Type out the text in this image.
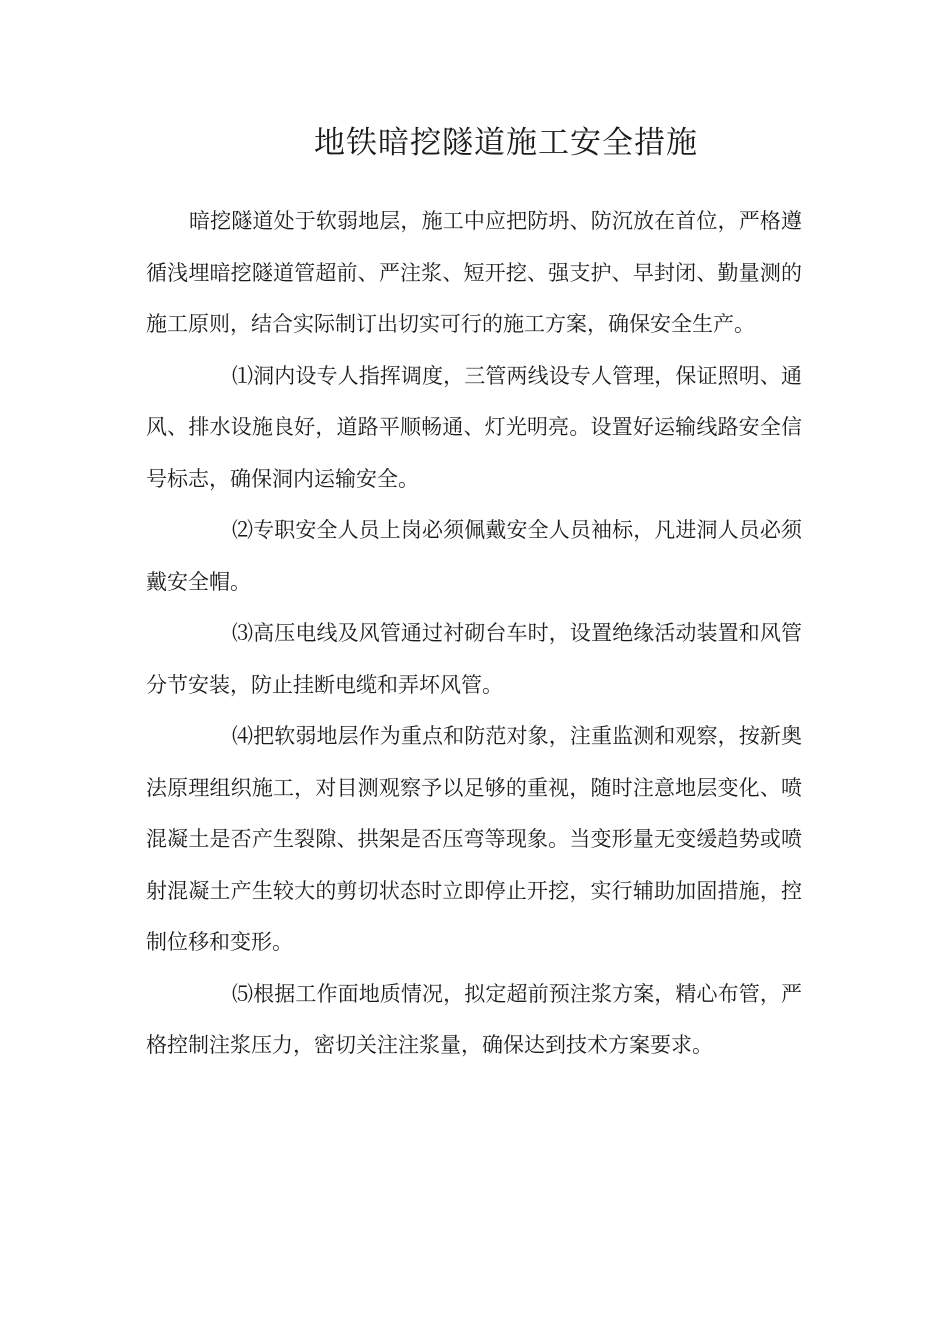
地铁暗挖隧道施工安全措施

暗挖隧道处于软弱地层，施工中应把防坍、防沉放在首位，严格遵循浅埋暗挖隧道管超前、严注浆、短开挖、强支护、早封闭、勤量测的施工原则，结合实际制订出切实可行的施工方案，确保安全生产。

⑴洞内设专人指挥调度，三管两线设专人管理，保证照明、通风、排水设施良好，道路平顺畅通、灯光明亮。设置好运输线路安全信号标志，确保洞内运输安全。

⑵专职安全人员上岗必须佩戴安全人员袖标，凡进洞人员必须戴安全帽。

⑶高压电线及风管通过衬砌台车时，设置绝缘活动装置和风管分节安装，防止挂断电缆和弄坏风管。

⑷把软弱地层作为重点和防范对象，注重监测和观察，按新奥法原理组织施工，对目测观察予以足够的重视，随时注意地层变化、喷混凝土是否产生裂隙、拱架是否压弯等现象。当变形量无变缓趋势或喷射混凝土产生较大的剪切状态时立即停止开挖，实行辅助加固措施，控制位移和变形。

⑸根据工作面地质情况，拟定超前预注浆方案，精心布管，严格控制注浆压力，密切关注注浆量，确保达到技术方案要求。
